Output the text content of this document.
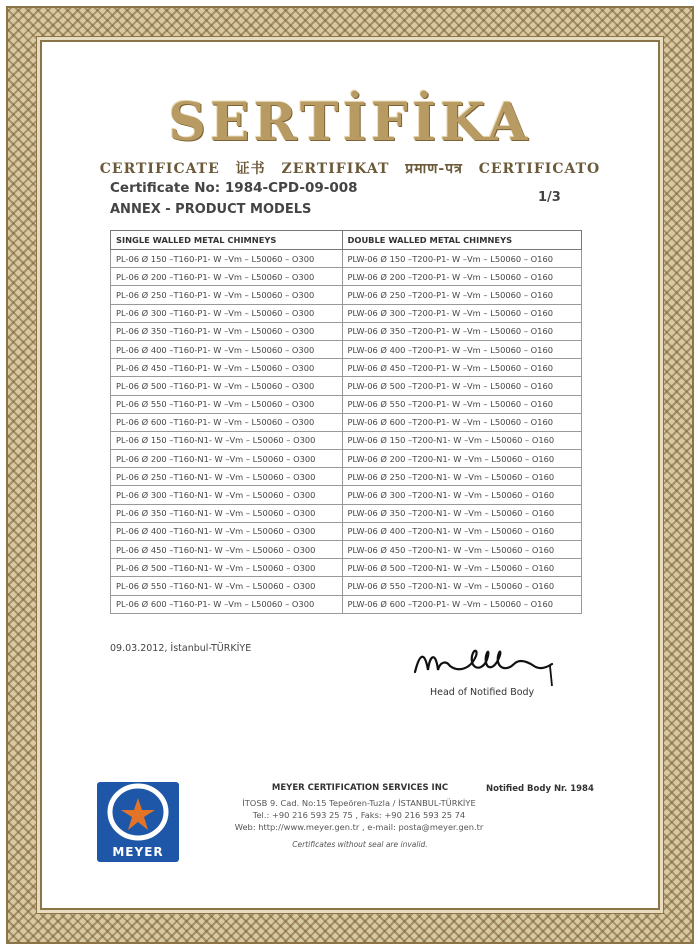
SERTİFİKA
CERTIFICATE 证书 ZERTIFIKAT प्रमाण-पत्र CERTIFICATO
Certificate No: 1984-CPD-09-008
1/3
ANNEX - PRODUCT MODELS
SINGLE WALLED METAL CHIMNEYS	DOUBLE WALLED METAL CHIMNEYS
PL-06 Ø 150 –T160-P1- W –Vm – L50060 – O300	PLW-06 Ø 150 –T200-P1- W –Vm – L50060 – O160
PL-06 Ø 200 –T160-P1- W –Vm – L50060 – O300	PLW-06 Ø 200 –T200-P1- W –Vm – L50060 – O160
PL-06 Ø 250 –T160-P1- W –Vm – L50060 – O300	PLW-06 Ø 250 –T200-P1- W –Vm – L50060 – O160
PL-06 Ø 300 –T160-P1- W –Vm – L50060 – O300	PLW-06 Ø 300 –T200-P1- W –Vm – L50060 – O160
PL-06 Ø 350 –T160-P1- W –Vm – L50060 – O300	PLW-06 Ø 350 –T200-P1- W –Vm – L50060 – O160
PL-06 Ø 400 –T160-P1- W –Vm – L50060 – O300	PLW-06 Ø 400 –T200-P1- W –Vm – L50060 – O160
PL-06 Ø 450 –T160-P1- W –Vm – L50060 – O300	PLW-06 Ø 450 –T200-P1- W –Vm – L50060 – O160
PL-06 Ø 500 –T160-P1- W –Vm – L50060 – O300	PLW-06 Ø 500 –T200-P1- W –Vm – L50060 – O160
PL-06 Ø 550 –T160-P1- W –Vm – L50060 – O300	PLW-06 Ø 550 –T200-P1- W –Vm – L50060 – O160
PL-06 Ø 600 –T160-P1- W –Vm – L50060 – O300	PLW-06 Ø 600 –T200-P1- W –Vm – L50060 – O160
PL-06 Ø 150 –T160-N1- W –Vm – L50060 – O300	PLW-06 Ø 150 –T200-N1- W –Vm – L50060 – O160
PL-06 Ø 200 –T160-N1- W –Vm – L50060 – O300	PLW-06 Ø 200 –T200-N1- W –Vm – L50060 – O160
PL-06 Ø 250 –T160-N1- W –Vm – L50060 – O300	PLW-06 Ø 250 –T200-N1- W –Vm – L50060 – O160
PL-06 Ø 300 –T160-N1- W –Vm – L50060 – O300	PLW-06 Ø 300 –T200-N1- W –Vm – L50060 – O160
PL-06 Ø 350 –T160-N1- W –Vm – L50060 – O300	PLW-06 Ø 350 –T200-N1- W –Vm – L50060 – O160
PL-06 Ø 400 –T160-N1- W –Vm – L50060 – O300	PLW-06 Ø 400 –T200-N1- W –Vm – L50060 – O160
PL-06 Ø 450 –T160-N1- W –Vm – L50060 – O300	PLW-06 Ø 450 –T200-N1- W –Vm – L50060 – O160
PL-06 Ø 500 –T160-N1- W –Vm – L50060 – O300	PLW-06 Ø 500 –T200-N1- W –Vm – L50060 – O160
PL-06 Ø 550 –T160-N1- W –Vm – L50060 – O300	PLW-06 Ø 550 –T200-N1- W –Vm – L50060 – O160
PL-06 Ø 600 –T160-P1- W –Vm – L50060 – O300	PLW-06 Ø 600 –T200-P1- W –Vm – L50060 – O160
09.03.2012, İstanbul-TÜRKİYE
Head of Notified Body
MEYER
MEYER CERTIFICATION SERVICES INC	Notified Body Nr. 1984
İTOSB 9. Cad. No:15 Tepeören-Tuzla / İSTANBUL-TÜRKİYE
Tel.: +90 216 593 25 75 , Faks: +90 216 593 25 74
Web: http://www.meyer.gen.tr , e-mail: posta@meyer.gen.tr
Certificates without seal are invalid.
